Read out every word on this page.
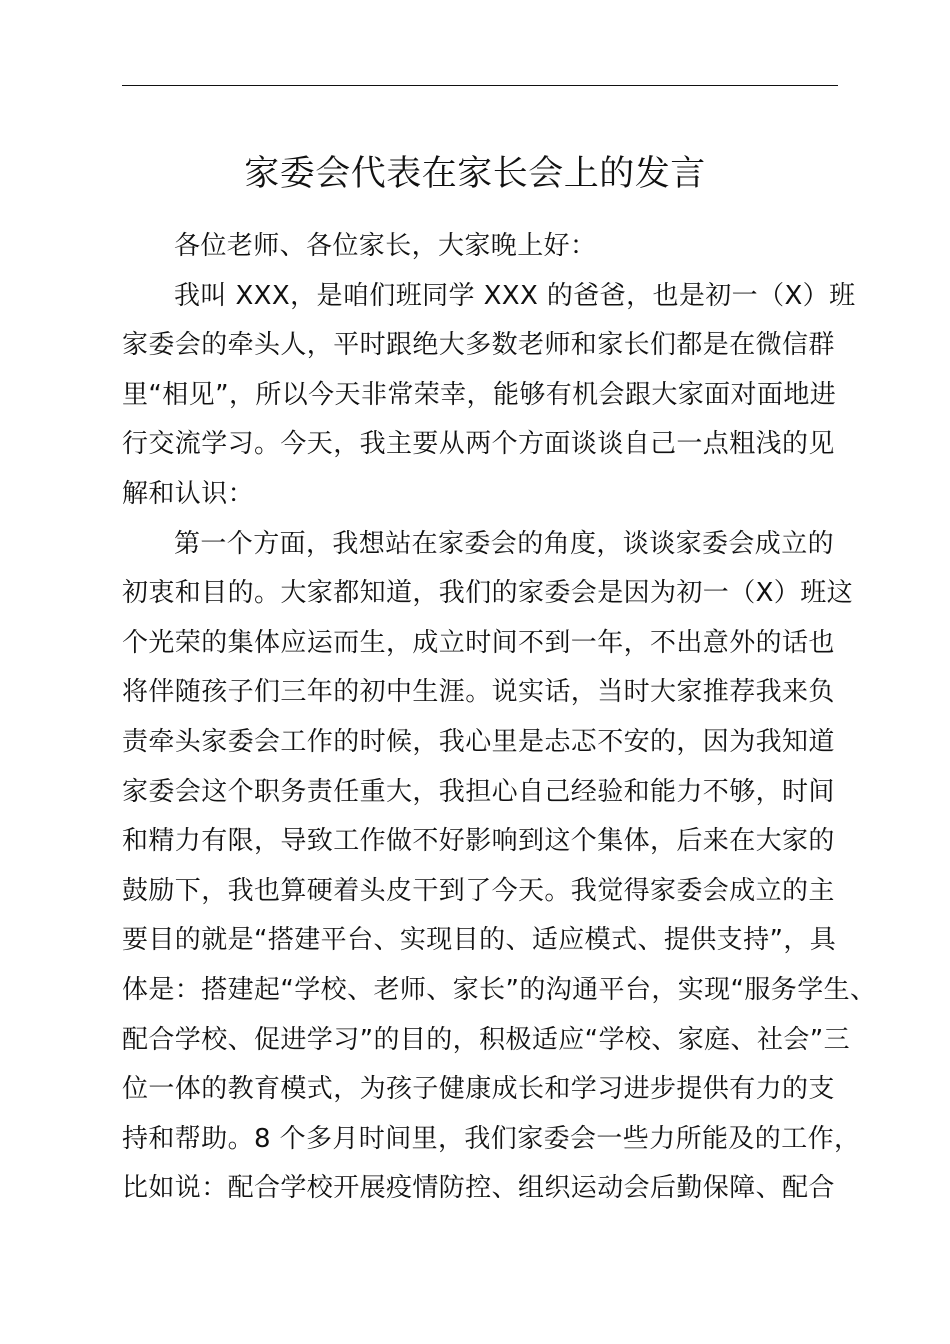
家委会代表在家长会上的发言

各位老师、各位家长，大家晚上好：

我叫 XXX，是咱们班同学 XXX 的爸爸，也是初一（X）班
家委会的牵头人，平时跟绝大多数老师和家长们都是在微信群
里“相见”，所以今天非常荣幸，能够有机会跟大家面对面地进
行交流学习。今天，我主要从两个方面谈谈自己一点粗浅的见
解和认识：

第一个方面，我想站在家委会的角度，谈谈家委会成立的
初衷和目的。大家都知道，我们的家委会是因为初一（X）班这
个光荣的集体应运而生，成立时间不到一年，不出意外的话也
将伴随孩子们三年的初中生涯。说实话，当时大家推荐我来负
责牵头家委会工作的时候，我心里是忐忑不安的，因为我知道
家委会这个职务责任重大，我担心自己经验和能力不够，时间
和精力有限，导致工作做不好影响到这个集体，后来在大家的
鼓励下，我也算硬着头皮干到了今天。我觉得家委会成立的主
要目的就是“搭建平台、实现目的、适应模式、提供支持”，具
体是：搭建起“学校、老师、家长”的沟通平台，实现“服务学生、
配合学校、促进学习”的目的，积极适应“学校、家庭、社会”三
位一体的教育模式，为孩子健康成长和学习进步提供有力的支
持和帮助。8 个多月时间里，我们家委会一些力所能及的工作，
比如说：配合学校开展疫情防控、组织运动会后勤保障、配合
